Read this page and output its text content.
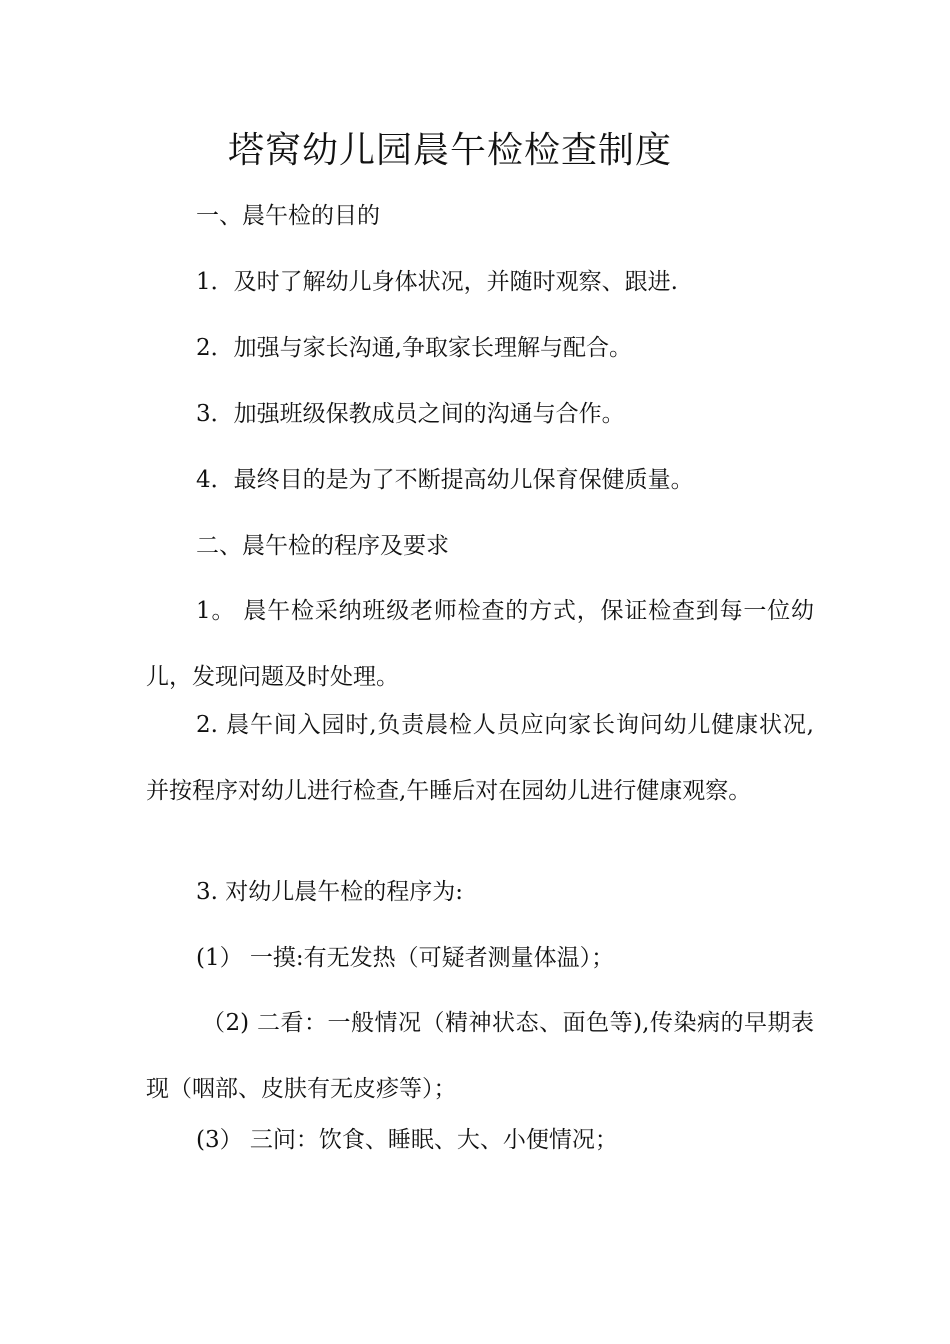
塔窝幼儿园晨午检检查制度
一、晨午检的目的
1．及时了解幼儿身体状况，并随时观察、跟进.
2．加强与家长沟通,争取家长理解与配合。
3．加强班级保教成员之间的沟通与合作。
4．最终目的是为了不断提高幼儿保育保健质量。
二、晨午检的程序及要求
1。 晨午检采纳班级老师检查的方式，保证检查到每一位幼儿，发现问题及时处理。
2. 晨午间入园时,负责晨检人员应向家长询问幼儿健康状况,并按程序对幼儿进行检查,午睡后对在园幼儿进行健康观察。
3. 对幼儿晨午检的程序为:
(1） 一摸:有无发热（可疑者测量体温）；
（2) 二看：一般情况（精神状态、面色等),传染病的早期表现（咽部、皮肤有无皮疹等）；
(3） 三问：饮食、睡眠、大、小便情况；
